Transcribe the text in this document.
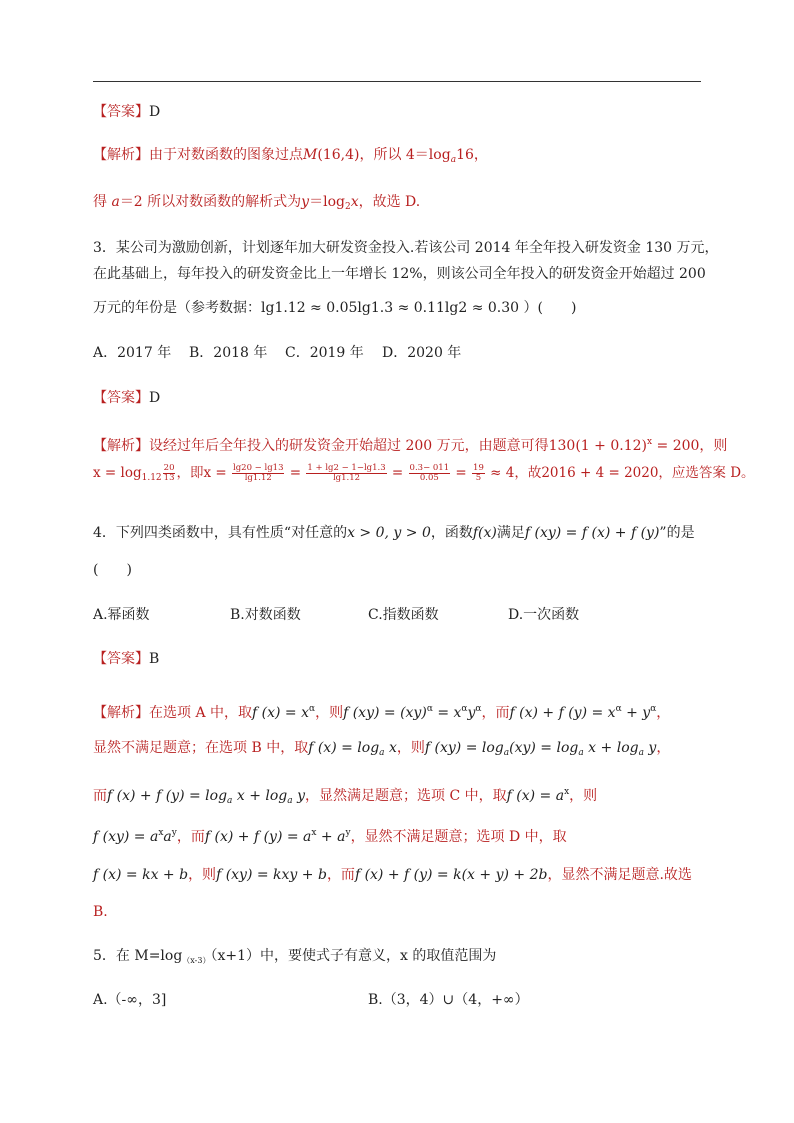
【答案】D
【解析】由于对数函数的图象过点M(16,4)，所以 $4=\log_a16$，
得 a＝2 所以对数函数的解析式为$y=\log_2x$，故选 D.
3．某公司为激励创新，计划逐年加大研发资金投入.若该公司 2014 年全年投入研发资金 130 万元，
在此基础上，每年投入的研发资金比上一年增长 12%，则该公司全年投入的研发资金开始超过 200
万元的年份是（参考数据：lg1.12 ≈ 0.05lg1.3 ≈ 0.11lg2 ≈ 0.30 ）(　　)
A．2017 年 B．2018 年 C．2019 年 D．2020 年
【答案】D
【解析】设经过年后全年投入的研发资金开始超过 200 万元，由题意可得$130(1 + 0.12)^x = 200$，则
$x = \log_{1.12} \frac{20}{13}$ ，即$x = \frac{\lg 20 - \lg 13}{\lg 1.12} = \frac{1 + \lg 2 - 1-\lg 1.3}{\lg 1.12} = \frac{0.3- 011}{0.05} = \frac{19}{5} \approx 4$，故2016 + 4 = 2020，应选答案 D。
4．下列四类函数中，具有性质“对任意的x > 0, y > 0，函数f(x)满足f (xy) = f (x) + f (y)”的是
(　　)
A.幂函数	B.对数函数	C.指数函数	D.一次函数
【答案】B
【解析】在选项 A 中，取f $(x) = x^\alpha$，则f $(xy) = (xy)^\alpha = x^\alpha y^\alpha$，而f (x) + f $(y) = x^\alpha + y^\alpha$，
显然不满足题意；在选项 B 中，取f $(x) = \log_a x$，则f $(xy) = \log_a(xy) = \log_a x + \log_a y$，
而f (x) + f $(y) = \log_a x + \log_a y$，显然满足题意；选项 C 中，取f $(x) = a^x$，则
f $(xy) = a^xa^y$，而f (x) + f $(y) = a^x + a^y$，显然不满足题意；选项 D 中，取
f (x) = kx + b，则f (xy) = kxy + b，而f (x) + f (y) = k(x + y) + 2b，显然不满足题意.故选
B.
5．在 $M=\log_{(x-3)}(x+1)$中，要使式子有意义，x 的取值范围为
A.（-∞，3]	B.（3，4）∪（4，+∞）
